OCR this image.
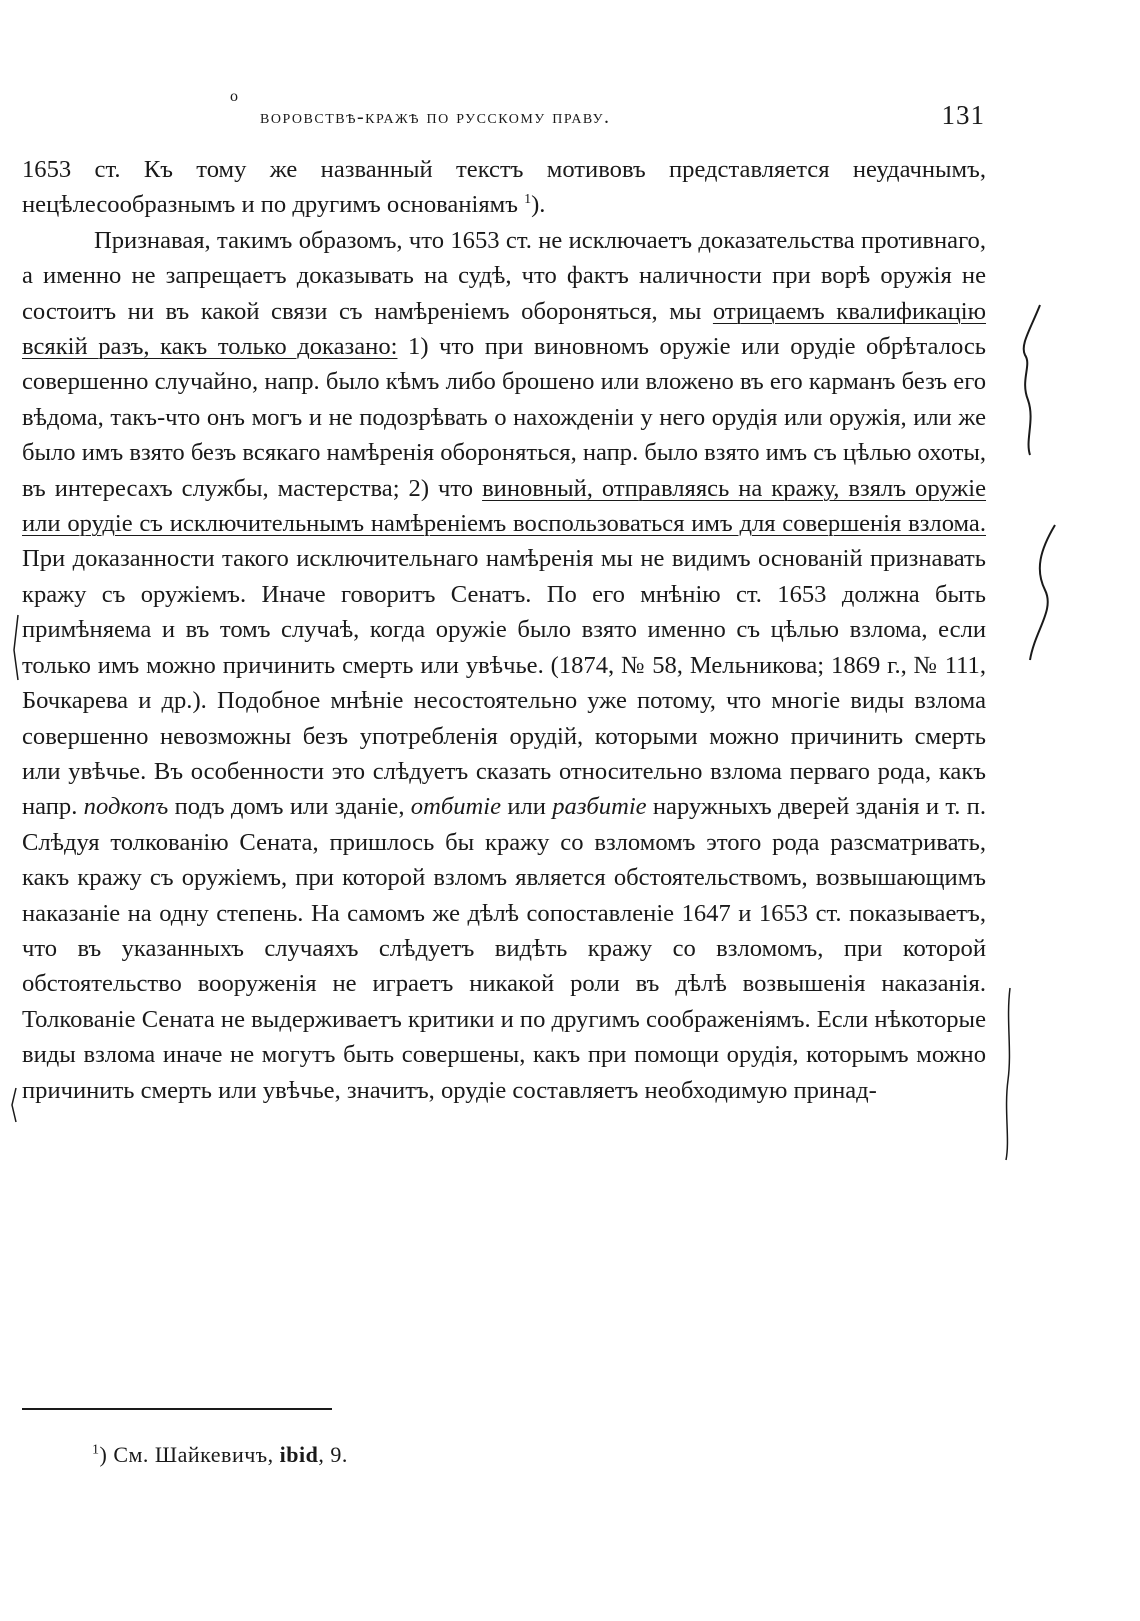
о
воровствѣ-кражѣ по русскому праву.	131

1653 ст. Къ тому же названный текстъ мотивовъ представляется неудачнымъ, нецѣлесообразнымъ и по другимъ основаніямъ $^1$).

Признавая, такимъ образомъ, что 1653 ст. не исключаетъ доказательства противнаго, а именно не запрещаетъ доказывать на судѣ, что фактъ наличности при ворѣ оружія не состоитъ ни въ какой связи съ намѣреніемъ обороняться, мы отрицаемъ квалификацію всякій разъ, какъ только доказано: 1) что при виновномъ оружіе или орудіе обрѣталось совершенно случайно, напр. было кѣмъ либо брошено или вложено въ его карманъ безъ его вѣдома, такъ-что онъ могъ и не подозрѣвать о нахожденіи у него орудія или оружія, или же было имъ взято безъ всякаго намѣренія обороняться, напр. было взято имъ съ цѣлью охоты, въ интересахъ службы, мастерства; 2) что виновный, отправляясь на кражу, взялъ оружіе или орудіе съ исключительнымъ намѣреніемъ воспользоваться имъ для совершенія взлома. При доказанности такого исключительнаго намѣренія мы не видимъ основаній признавать кражу съ оружіемъ. Иначе говоритъ Сенатъ. По его мнѣнію ст. 1653 должна быть примѣняема и въ томъ случаѣ, когда оружіе было взято именно съ цѣлью взлома, если только имъ можно причинить смерть или увѣчье. (1874, № 58, Мельникова; 1869 г., № 111, Бочкарева и др.). Подобное мнѣніе несостоятельно уже потому, что многіе виды взлома совершенно невозможны безъ употребленія орудій, которыми можно причинить смерть или увѣчье. Въ особенности это слѣдуетъ сказать относительно взлома перваго рода, какъ напр. подкопъ подъ домъ или зданіе, отбитіе или разбитіе наружныхъ дверей зданія и т. п. Слѣдуя толкованію Сената, пришлось бы кражу со взломомъ этого рода разсматривать, какъ кражу съ оружіемъ, при которой взломъ является обстоятельствомъ, возвышающимъ наказаніе на одну степень. На самомъ же дѣлѣ сопоставленіе 1647 и 1653 ст. показываетъ, что въ указанныхъ случаяхъ слѣдуетъ видѣть кражу со взломомъ, при которой обстоятельство вооруженія не играетъ никакой роли въ дѣлѣ возвышенія наказанія. Толкованіе Сената не выдерживаетъ критики и по другимъ соображеніямъ. Если нѣкоторые виды взлома иначе не могутъ быть совершены, какъ при помощи орудія, которымъ можно причинить смерть или увѣчье, значитъ, орудіе составляетъ необходимую принад-

$^1$) См. Шайкевичъ, ibid, 9.
